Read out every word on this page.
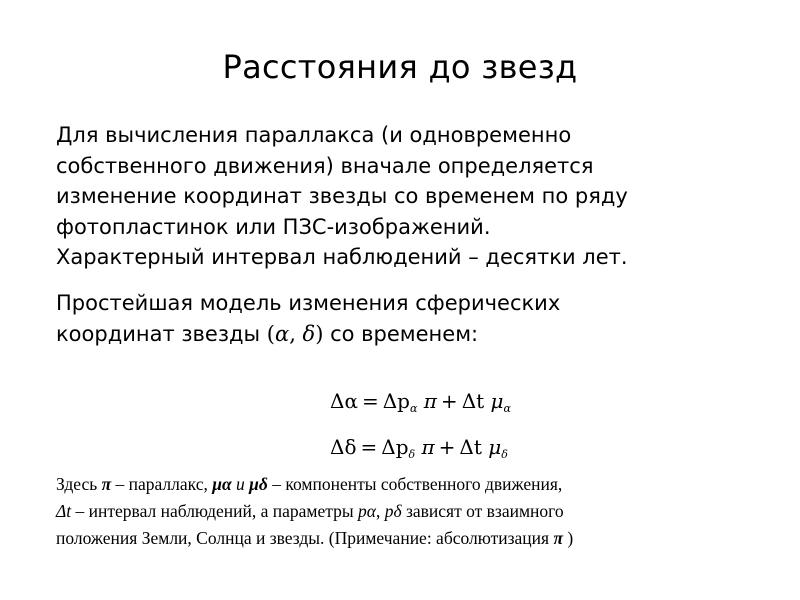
Расстояния до звезд
Для вычисления параллакса (и одновременно
собственного движения) вначале определяется
изменение координат звезды со временем по ряду
фотопластинок или ПЗС-изображений.
Характерный интервал наблюдений – десятки лет.
Простейшая модель изменения сферических
координат звезды (α, δ) со временем:
$\Delta\alpha = \Delta p_\alpha$ π + Δt $\mu_\alpha$
$\Delta\delta = \Delta p_\delta$ π + Δt $\mu_\delta$
Здесь π – параллакс, μα и μδ – компоненты собственного движения,
Δt – интервал наблюдений, а параметры pα, pδ зависят от взаимного
положения Земли, Солнца и звезды. (Примечание: абсолютизация π )
